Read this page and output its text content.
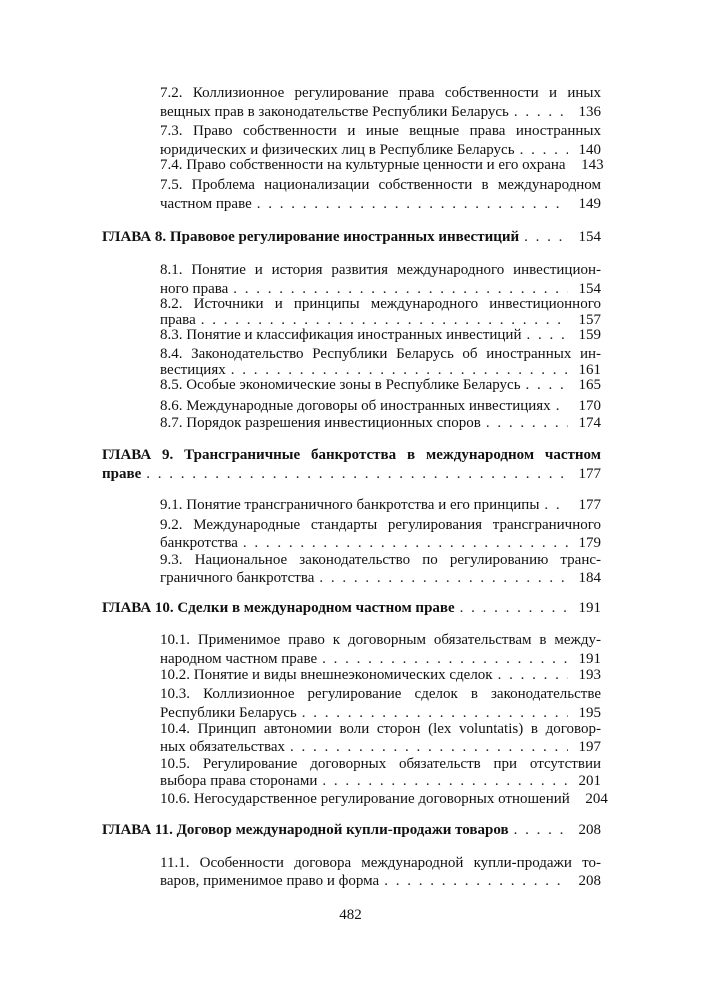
7.2. Коллизионное регулирование права собственности и иных
вещных прав в законодательстве Республики Беларусь . . .	136
7.3. Право собственности и иные вещные права иностранных
юридических и физических лиц в Республике Беларусь . . .	140
7.4. Право собственности на культурные ценности и его охрана	143
7.5. Проблема национализации собственности в международном
частном праве . . .	149
ГЛАВА 8. Правовое регулирование иностранных инвестиций . . .	154
8.1. Понятие и история развития международного инвестицион-
ного права . . .	154
8.2. Источники и принципы международного инвестиционного
права . . .	157
8.3. Понятие и классификация иностранных инвестиций . . .	159
8.4. Законодательство Республики Беларусь об иностранных ин-
вестициях . . .	161
8.5. Особые экономические зоны в Республике Беларусь . . .	165
8.6. Международные договоры об иностранных инвестициях . . .	170
8.7. Порядок разрешения инвестиционных споров . . .	174
ГЛАВА 9. Трансграничные банкротства в международном частном
праве . . .	177
9.1. Понятие трансграничного банкротства и его принципы . . .	177
9.2. Международные стандарты регулирования трансграничного
банкротства . . .	179
9.3. Национальное законодательство по регулированию транс-
граничного банкротства . . .	184
ГЛАВА 10. Сделки в международном частном праве . . .	191
10.1. Применимое право к договорным обязательствам в между-
народном частном праве . . .	191
10.2. Понятие и виды внешнеэкономических сделок . . .	193
10.3. Коллизионное регулирование сделок в законодательстве
Республики Беларусь . . .	195
10.4. Принцип автономии воли сторон (lex voluntatis) в договор-
ных обязательствах . . .	197
10.5. Регулирование договорных обязательств при отсутствии
выбора права сторонами . . .	201
10.6. Негосударственное регулирование договорных отношений	204
ГЛАВА 11. Договор международной купли-продажи товаров . . .	208
11.1. Особенности договора международной купли-продажи то-
варов, применимое право и форма . . .	208
482
